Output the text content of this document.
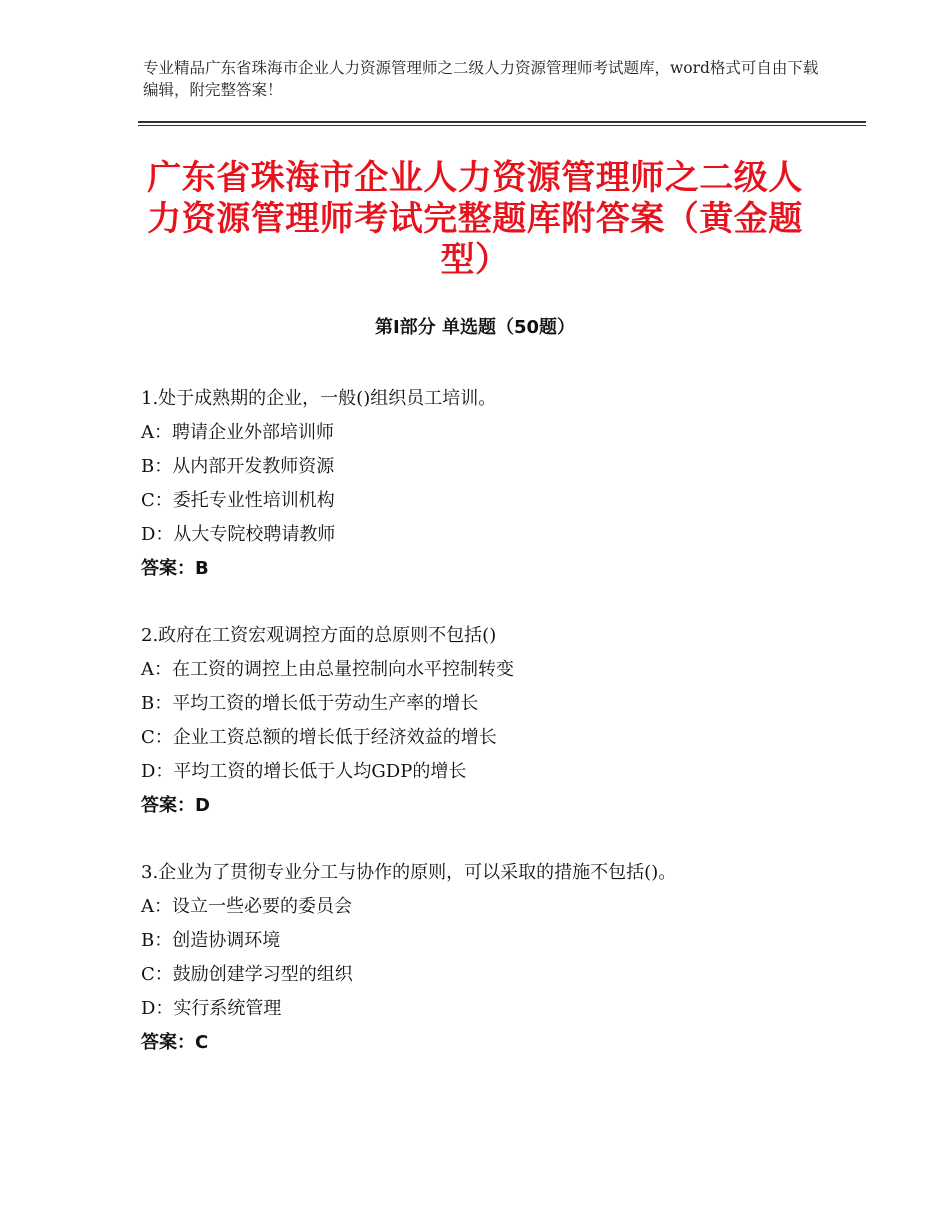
专业精品广东省珠海市企业人力资源管理师之二级人力资源管理师考试题库，word格式可自由下载编辑，附完整答案！
广东省珠海市企业人力资源管理师之二级人力资源管理师考试完整题库附答案（黄金题型）
第Ⅰ部分 单选题（50题）
1.处于成熟期的企业，一般()组织员工培训。
A：聘请企业外部培训师
B：从内部开发教师资源
C：委托专业性培训机构
D：从大专院校聘请教师
答案：B
2.政府在工资宏观调控方面的总原则不包括()
A：在工资的调控上由总量控制向水平控制转变
B：平均工资的增长低于劳动生产率的增长
C：企业工资总额的增长低于经济效益的增长
D：平均工资的增长低于人均GDP的增长
答案：D
3.企业为了贯彻专业分工与协作的原则，可以采取的措施不包括()。
A：设立一些必要的委员会
B：创造协调环境
C：鼓励创建学习型的组织
D：实行系统管理
答案：C
